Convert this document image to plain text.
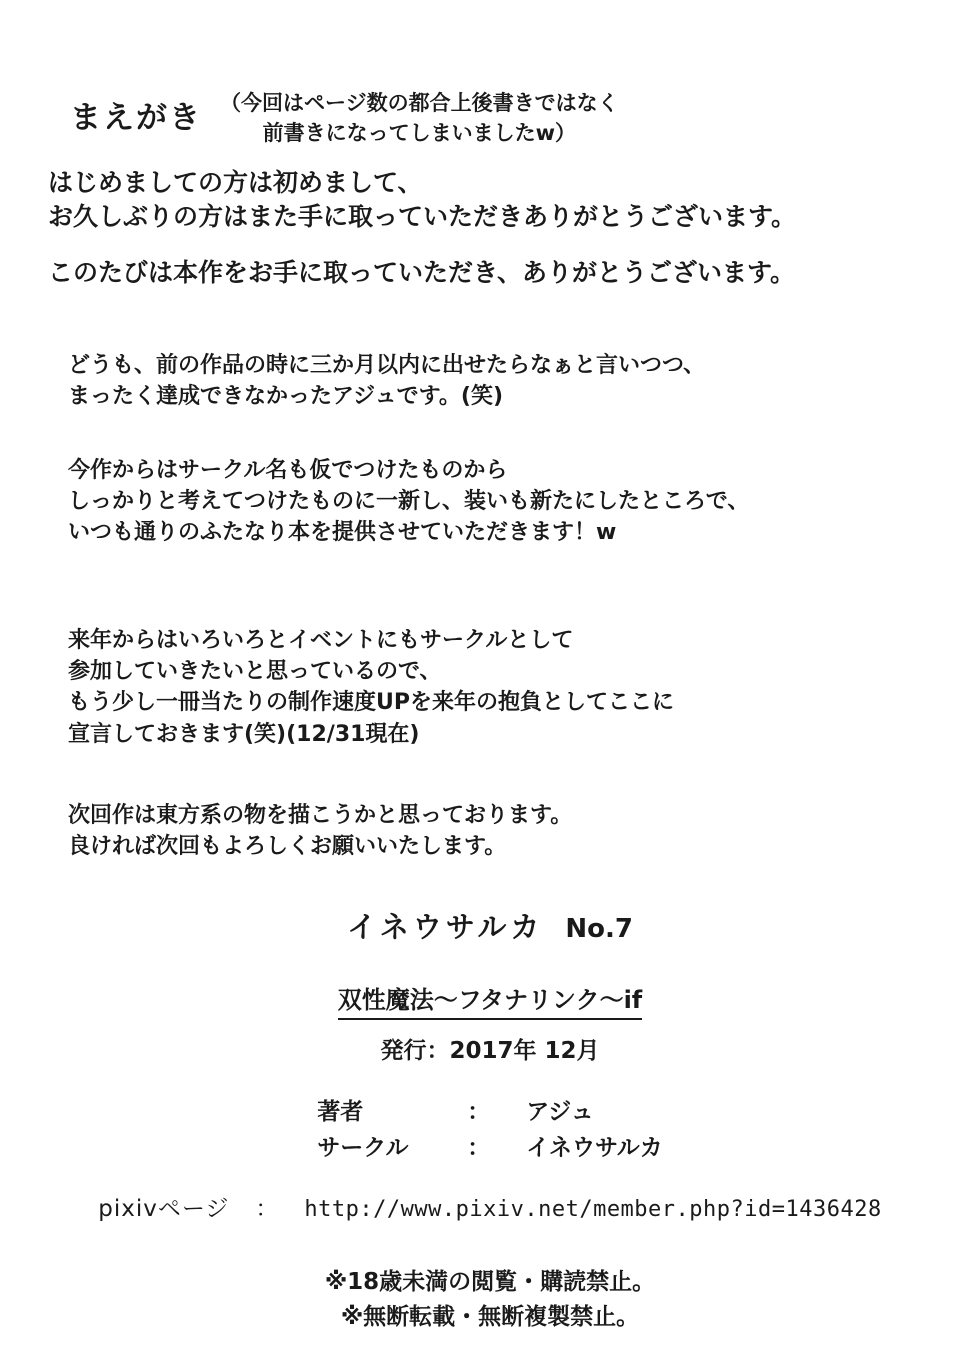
まえがき （今回はページ数の都合上後書きではなく
前書きになってしまいましたw）
はじめましての方は初めまして、
お久しぶりの方はまた手に取っていただきありがとうございます。
このたびは本作をお手に取っていただき、ありがとうございます。
どうも、前の作品の時に三か月以内に出せたらなぁと言いつつ、
まったく達成できなかったアジュです。(笑)
今作からはサークル名も仮でつけたものから
しっかりと考えてつけたものに一新し、装いも新たにしたところで、
いつも通りのふたなり本を提供させていただきます！w
来年からはいろいろとイベントにもサークルとして
参加していきたいと思っているので、
もう少し一冊当たりの制作速度UPを来年の抱負としてここに
宣言しておきます(笑)(12/31現在)
次回作は東方系の物を描こうかと思っております。
良ければ次回もよろしくお願いいたします。
イネウサルカ No.7
双性魔法〜フタナリンク〜if
発行：2017年 12月
著者	： アジュ
サークル	： イネウサルカ
pixivページ ： http://www.pixiv.net/member.php?id=1436428
※18歳未満の閲覧・購読禁止。
※無断転載・無断複製禁止。
